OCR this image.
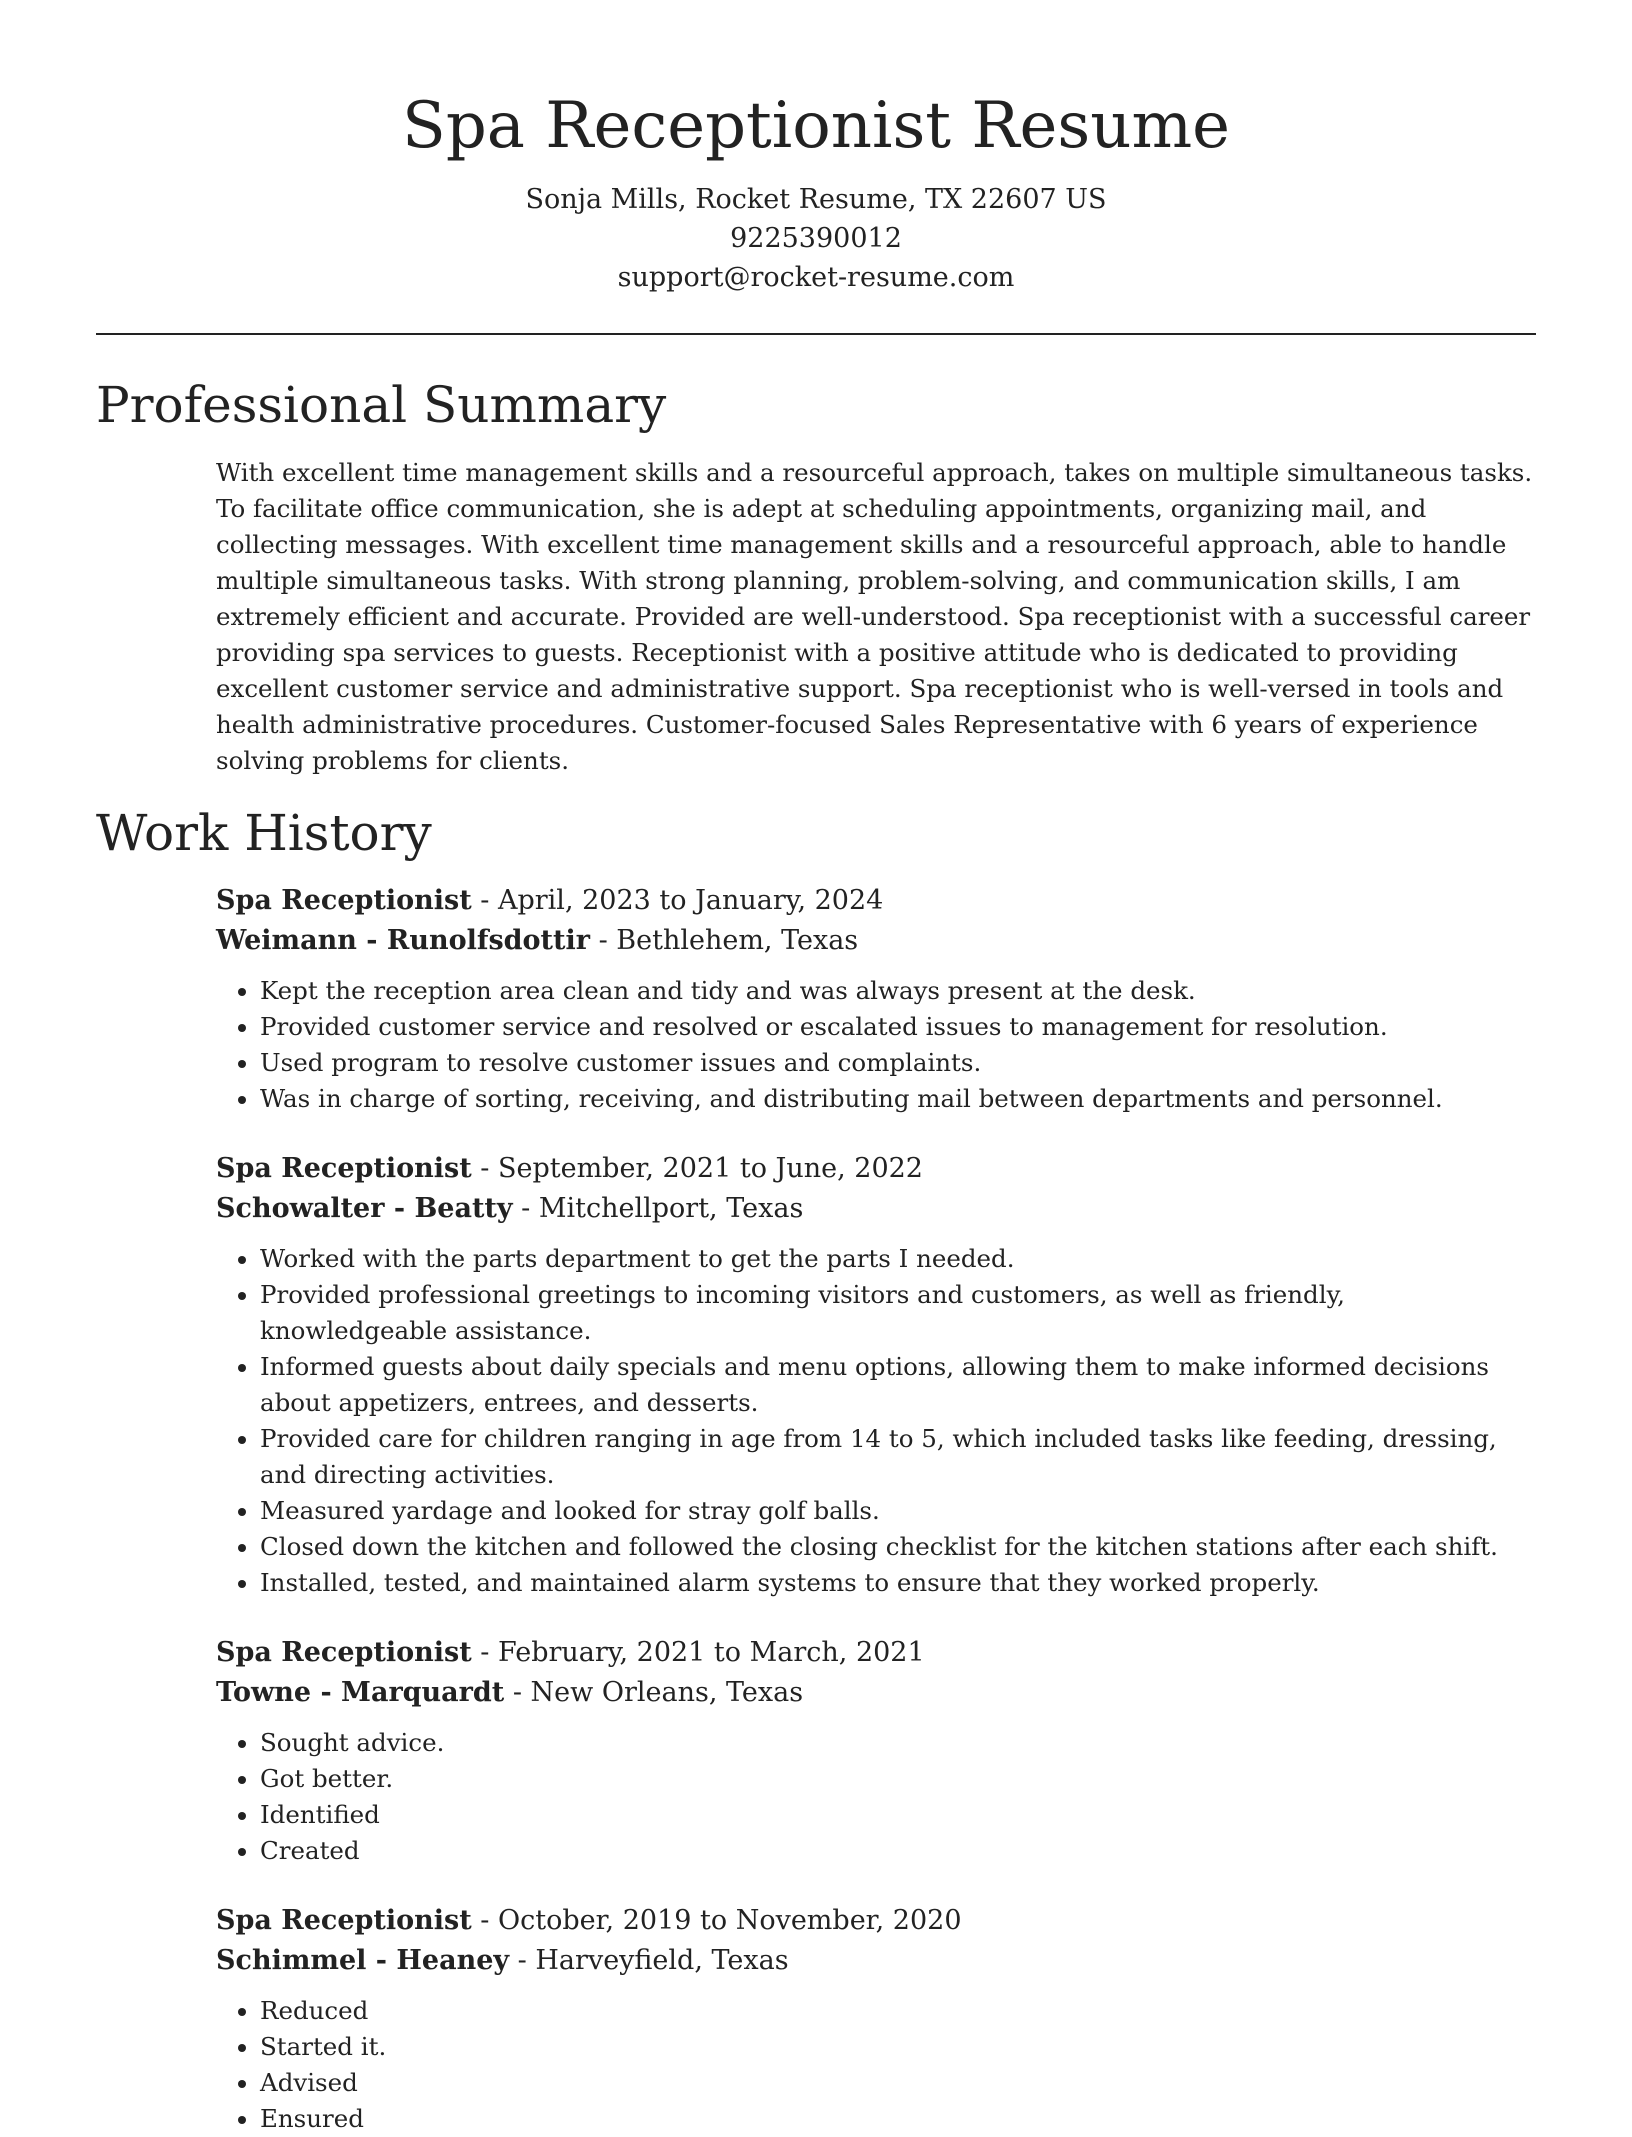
Spa Receptionist Resume
Sonja Mills, Rocket Resume, TX 22607 US
9225390012
support@rocket-resume.com
Professional Summary
With excellent time management skills and a resourceful approach, takes on multiple simultaneous tasks. To facilitate office communication, she is adept at scheduling appointments, organizing mail, and collecting messages. With excellent time management skills and a resourceful approach, able to handle multiple simultaneous tasks. With strong planning, problem-solving, and communication skills, I am extremely efficient and accurate. Provided are well-understood. Spa receptionist with a successful career providing spa services to guests. Receptionist with a positive attitude who is dedicated to providing excellent customer service and administrative support. Spa receptionist who is well-versed in tools and health administrative procedures. Customer-focused Sales Representative with 6 years of experience solving problems for clients.
Work History
Spa Receptionist - April, 2023 to January, 2024
Weimann - Runolfsdottir - Bethlehem, Texas
• Kept the reception area clean and tidy and was always present at the desk.
• Provided customer service and resolved or escalated issues to management for resolution.
• Used program to resolve customer issues and complaints.
• Was in charge of sorting, receiving, and distributing mail between departments and personnel.
Spa Receptionist - September, 2021 to June, 2022
Schowalter - Beatty - Mitchellport, Texas
• Worked with the parts department to get the parts I needed.
• Provided professional greetings to incoming visitors and customers, as well as friendly, knowledgeable assistance.
• Informed guests about daily specials and menu options, allowing them to make informed decisions about appetizers, entrees, and desserts.
• Provided care for children ranging in age from 14 to 5, which included tasks like feeding, dressing, and directing activities.
• Measured yardage and looked for stray golf balls.
• Closed down the kitchen and followed the closing checklist for the kitchen stations after each shift.
• Installed, tested, and maintained alarm systems to ensure that they worked properly.
Spa Receptionist - February, 2021 to March, 2021
Towne - Marquardt - New Orleans, Texas
• Sought advice.
• Got better.
• Identified
• Created
Spa Receptionist - October, 2019 to November, 2020
Schimmel - Heaney - Harveyfield, Texas
• Reduced
• Started it.
• Advised
• Ensured
